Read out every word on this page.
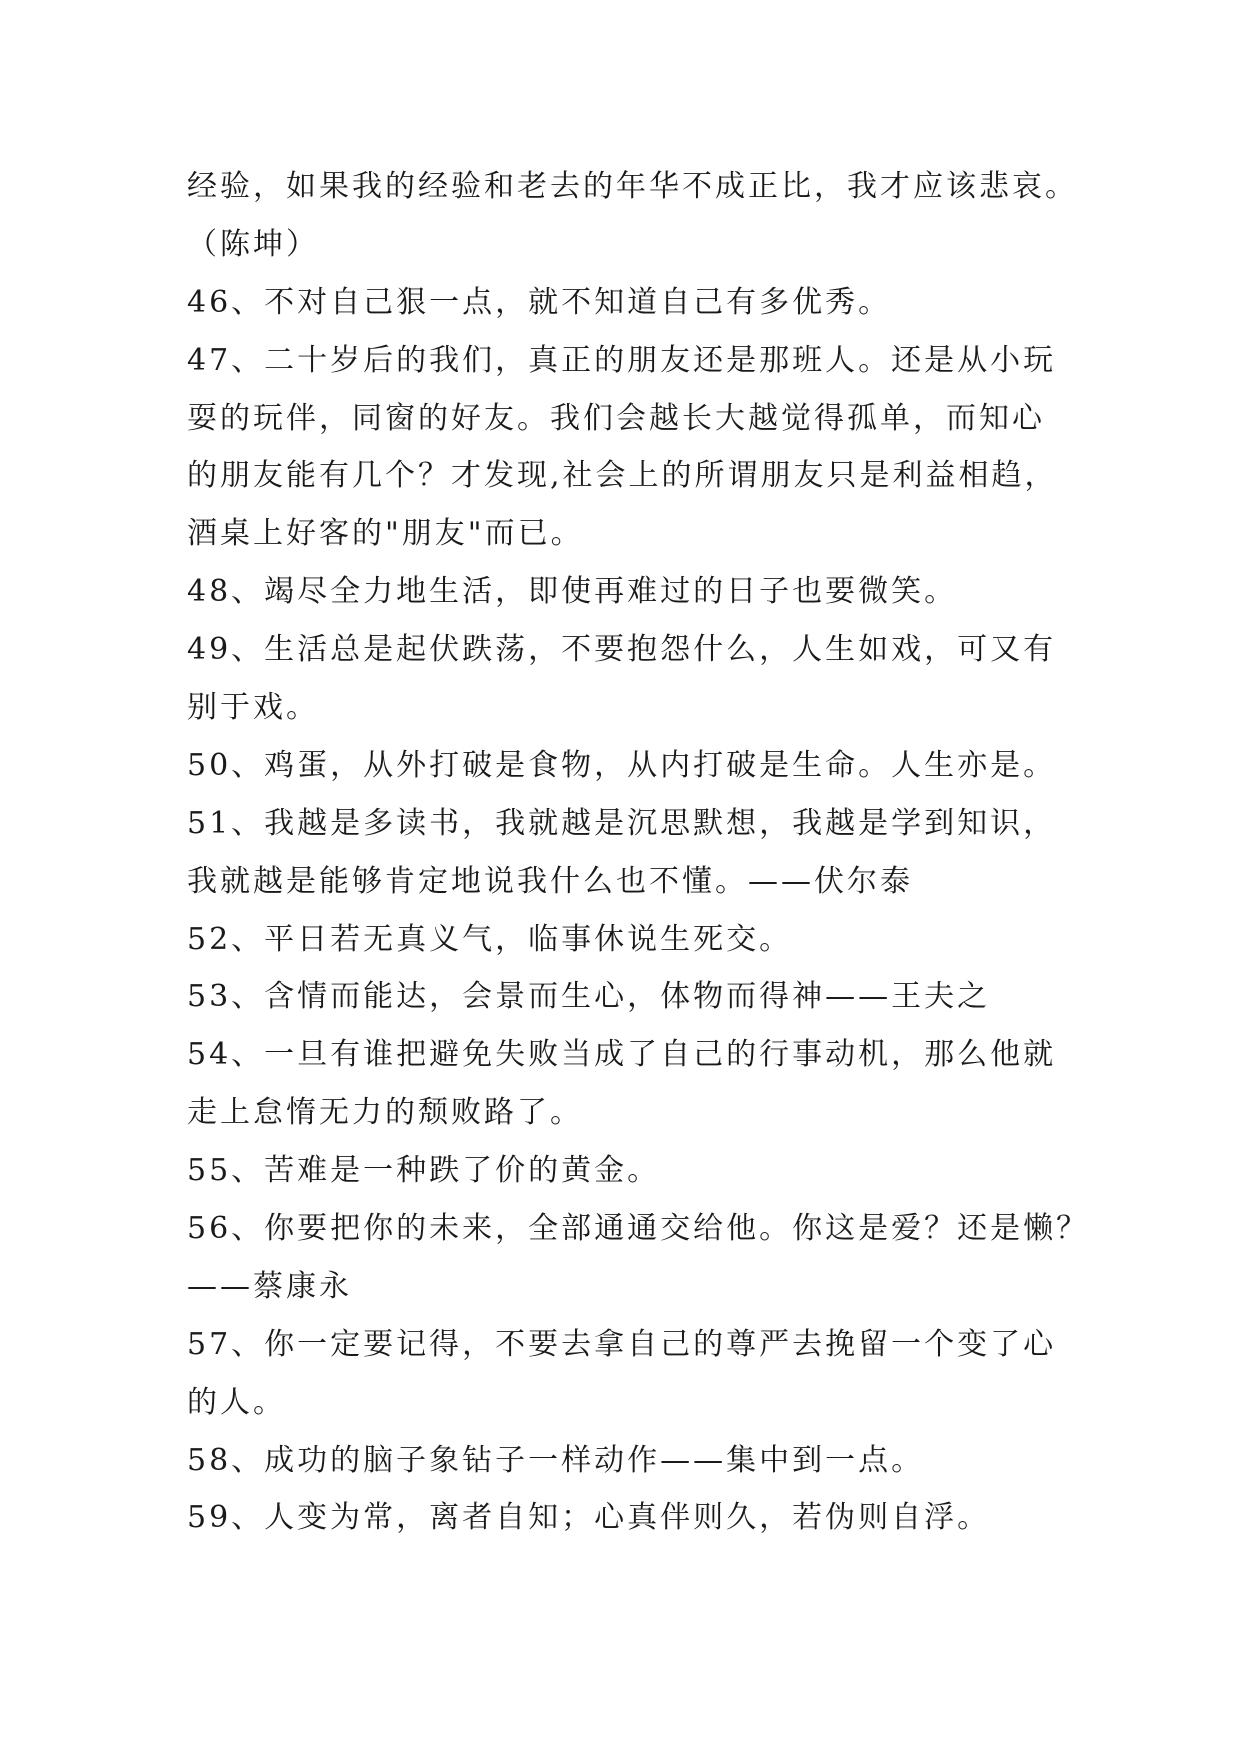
经验，如果我的经验和老去的年华不成正比，我才应该悲哀。
（陈坤）
46、不对自己狠一点，就不知道自己有多优秀。
47、二十岁后的我们，真正的朋友还是那班人。还是从小玩
耍的玩伴，同窗的好友。我们会越长大越觉得孤单，而知心
的朋友能有几个？才发现,社会上的所谓朋友只是利益相趋，
酒桌上好客的"朋友"而已。
48、竭尽全力地生活，即使再难过的日子也要微笑。
49、生活总是起伏跌荡，不要抱怨什么，人生如戏，可又有
别于戏。
50、鸡蛋，从外打破是食物，从内打破是生命。人生亦是。
51、我越是多读书，我就越是沉思默想，我越是学到知识，
我就越是能够肯定地说我什么也不懂。——伏尔泰
52、平日若无真义气，临事休说生死交。
53、含情而能达，会景而生心，体物而得神——王夫之
54、一旦有谁把避免失败当成了自己的行事动机，那么他就
走上怠惰无力的颓败路了。
55、苦难是一种跌了价的黄金。
56、你要把你的未来，全部通通交给他。你这是爱？还是懒？
——蔡康永
57、你一定要记得，不要去拿自己的尊严去挽留一个变了心
的人。
58、成功的脑子象钻子一样动作——集中到一点。
59、人变为常，离者自知；心真伴则久，若伪则自浮。
